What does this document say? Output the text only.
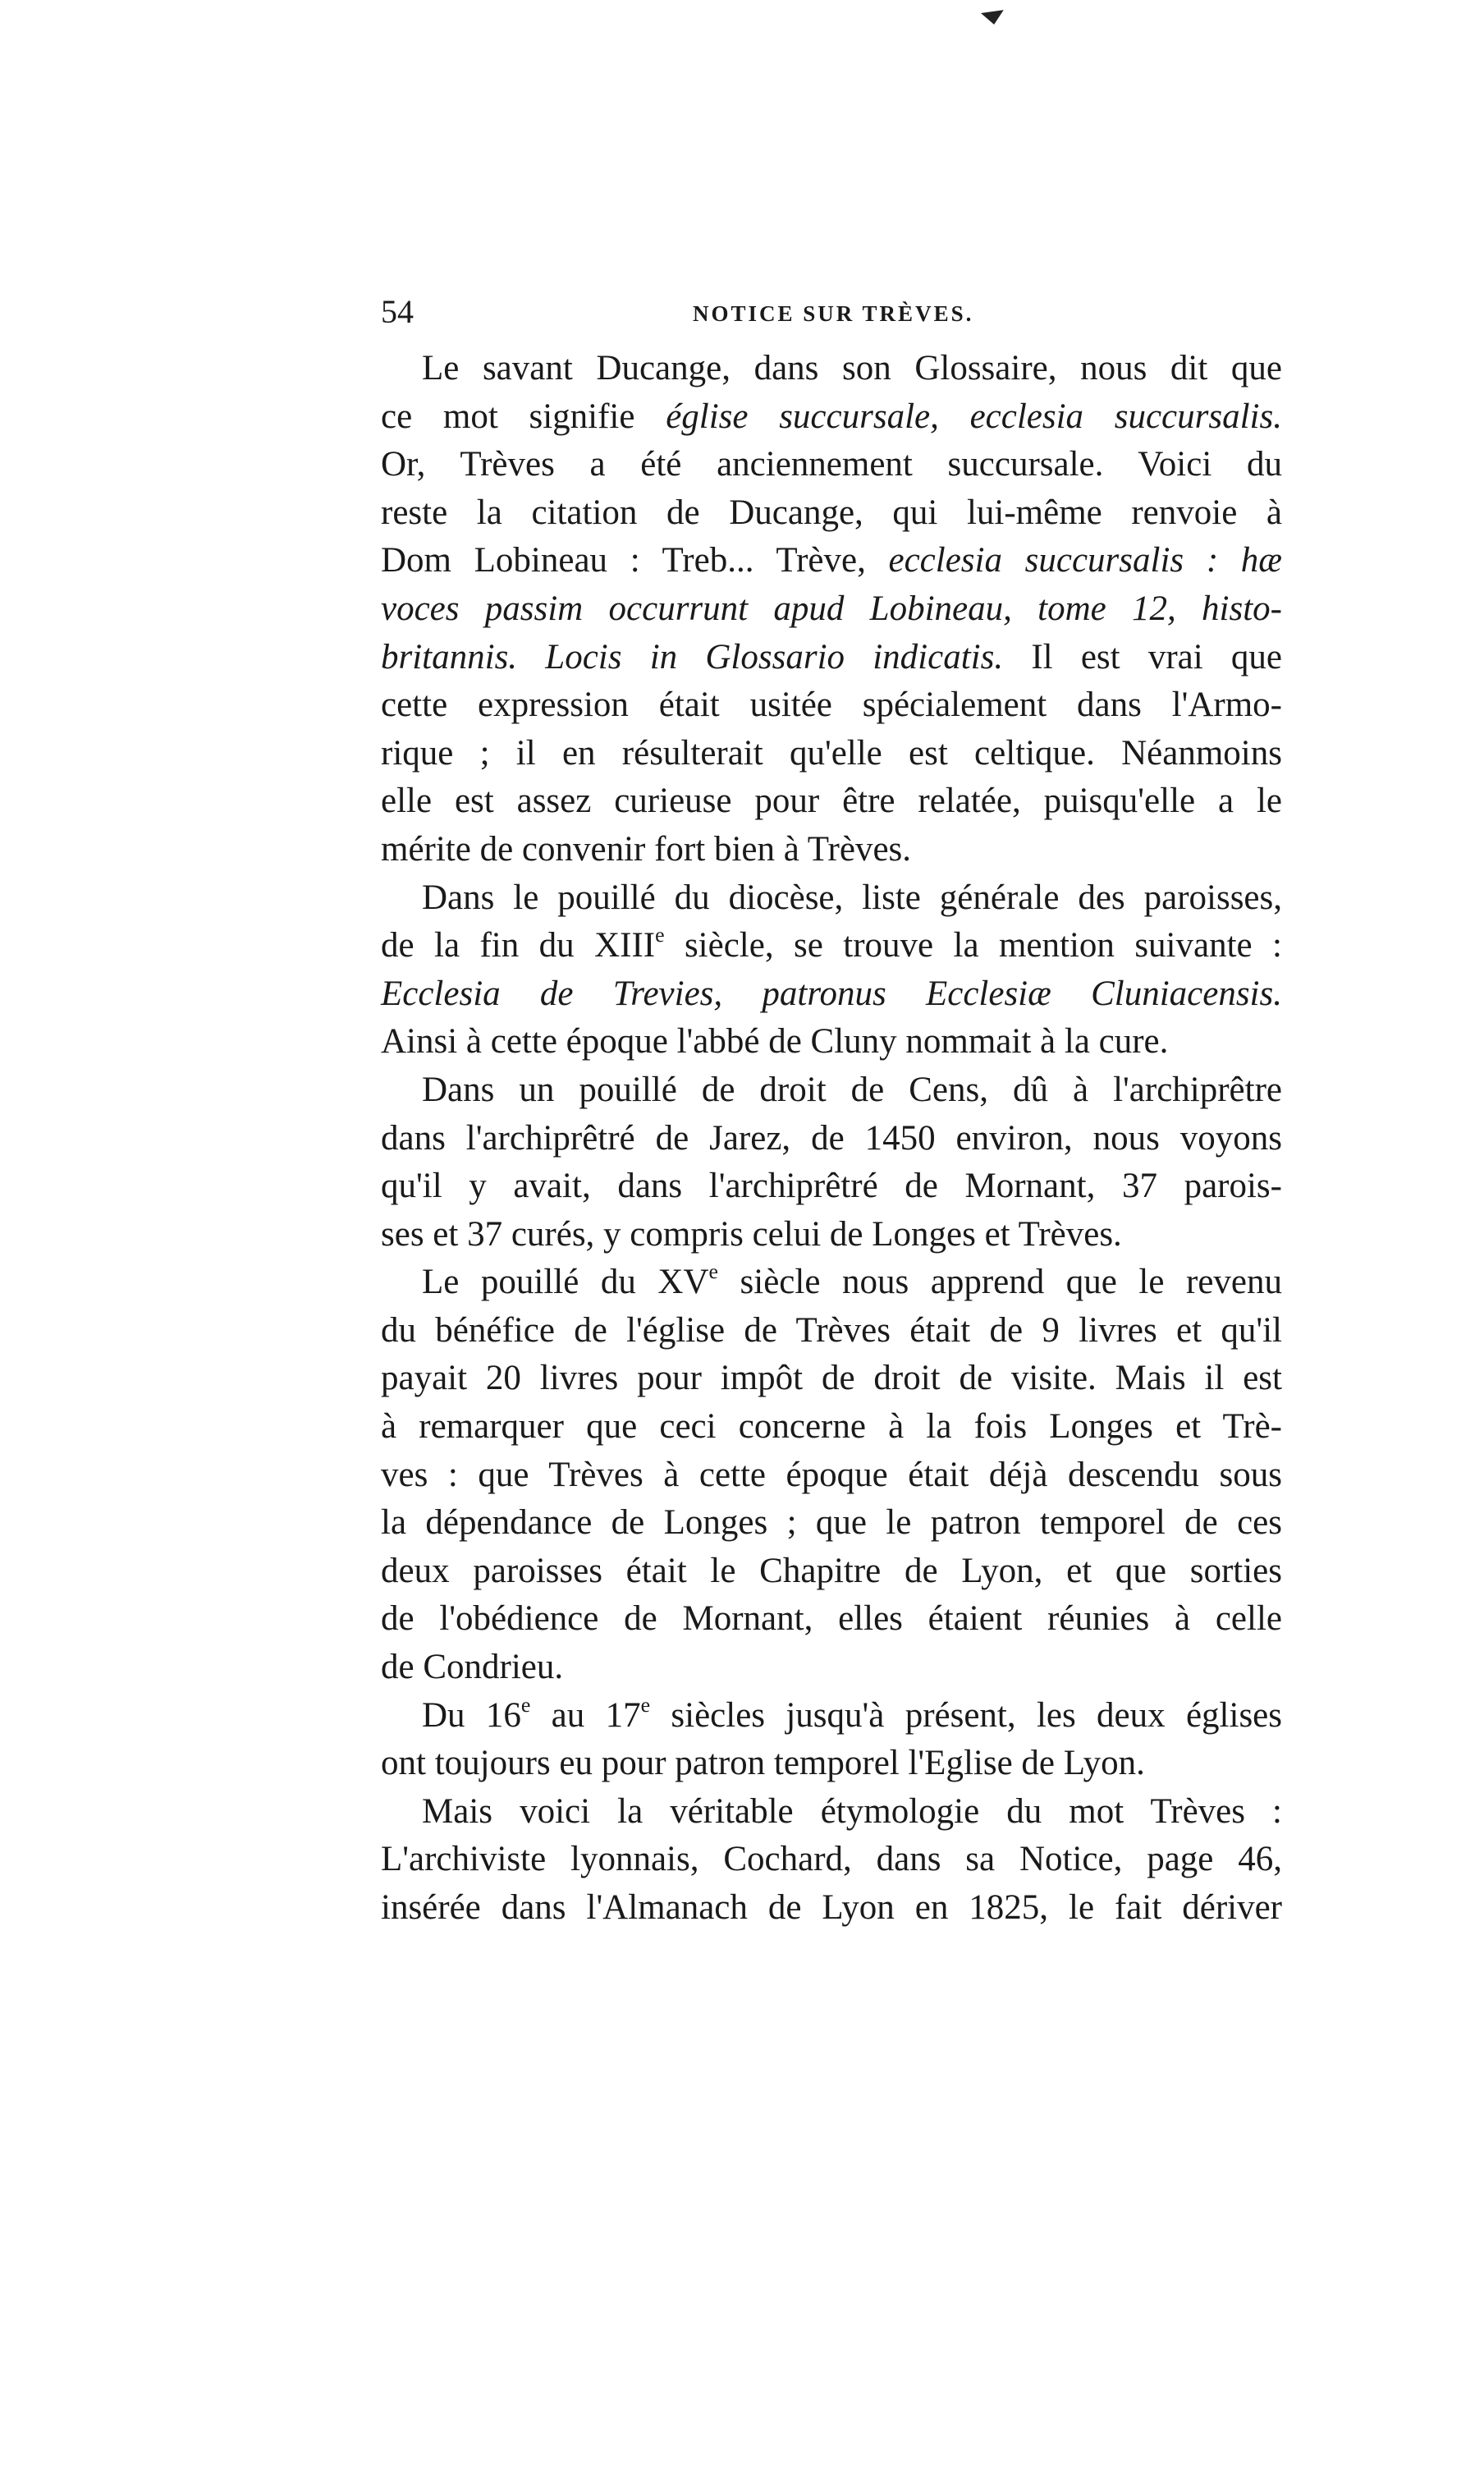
54	NOTICE SUR TRÈVES.
Le savant Ducange, dans son Glossaire, nous dit que
ce mot signifie église succursale, ecclesia succursalis.
Or, Trèves a été anciennement succursale. Voici du
reste la citation de Ducange, qui lui-même renvoie à
Dom Lobineau : Treb... Trève, ecclesia succursalis : hæ
voces passim occurrunt apud Lobineau, tome 12, histo-
britannis. Locis in Glossario indicatis. Il est vrai que
cette expression était usitée spécialement dans l'Armo-
rique ; il en résulterait qu'elle est celtique. Néanmoins
elle est assez curieuse pour être relatée, puisqu'elle a le
mérite de convenir fort bien à Trèves.
Dans le pouillé du diocèse, liste générale des paroisses,
de la fin du XIIIe siècle, se trouve la mention suivante :
Ecclesia de Trevies, patronus Ecclesiæ Cluniacensis.
Ainsi à cette époque l'abbé de Cluny nommait à la cure.
Dans un pouillé de droit de Cens, dû à l'archiprêtre
dans l'archiprêtré de Jarez, de 1450 environ, nous voyons
qu'il y avait, dans l'archiprêtré de Mornant, 37 parois-
ses et 37 curés, y compris celui de Longes et Trèves.
Le pouillé du XVe siècle nous apprend que le revenu
du bénéfice de l'église de Trèves était de 9 livres et qu'il
payait 20 livres pour impôt de droit de visite. Mais il est
à remarquer que ceci concerne à la fois Longes et Trè-
ves : que Trèves à cette époque était déjà descendu sous
la dépendance de Longes ; que le patron temporel de ces
deux paroisses était le Chapitre de Lyon, et que sorties
de l'obédience de Mornant, elles étaient réunies à celle
de Condrieu.
Du 16e au 17e siècles jusqu'à présent, les deux églises
ont toujours eu pour patron temporel l'Eglise de Lyon.
Mais voici la véritable étymologie du mot Trèves :
L'archiviste lyonnais, Cochard, dans sa Notice, page 46,
insérée dans l'Almanach de Lyon en 1825, le fait dériver
